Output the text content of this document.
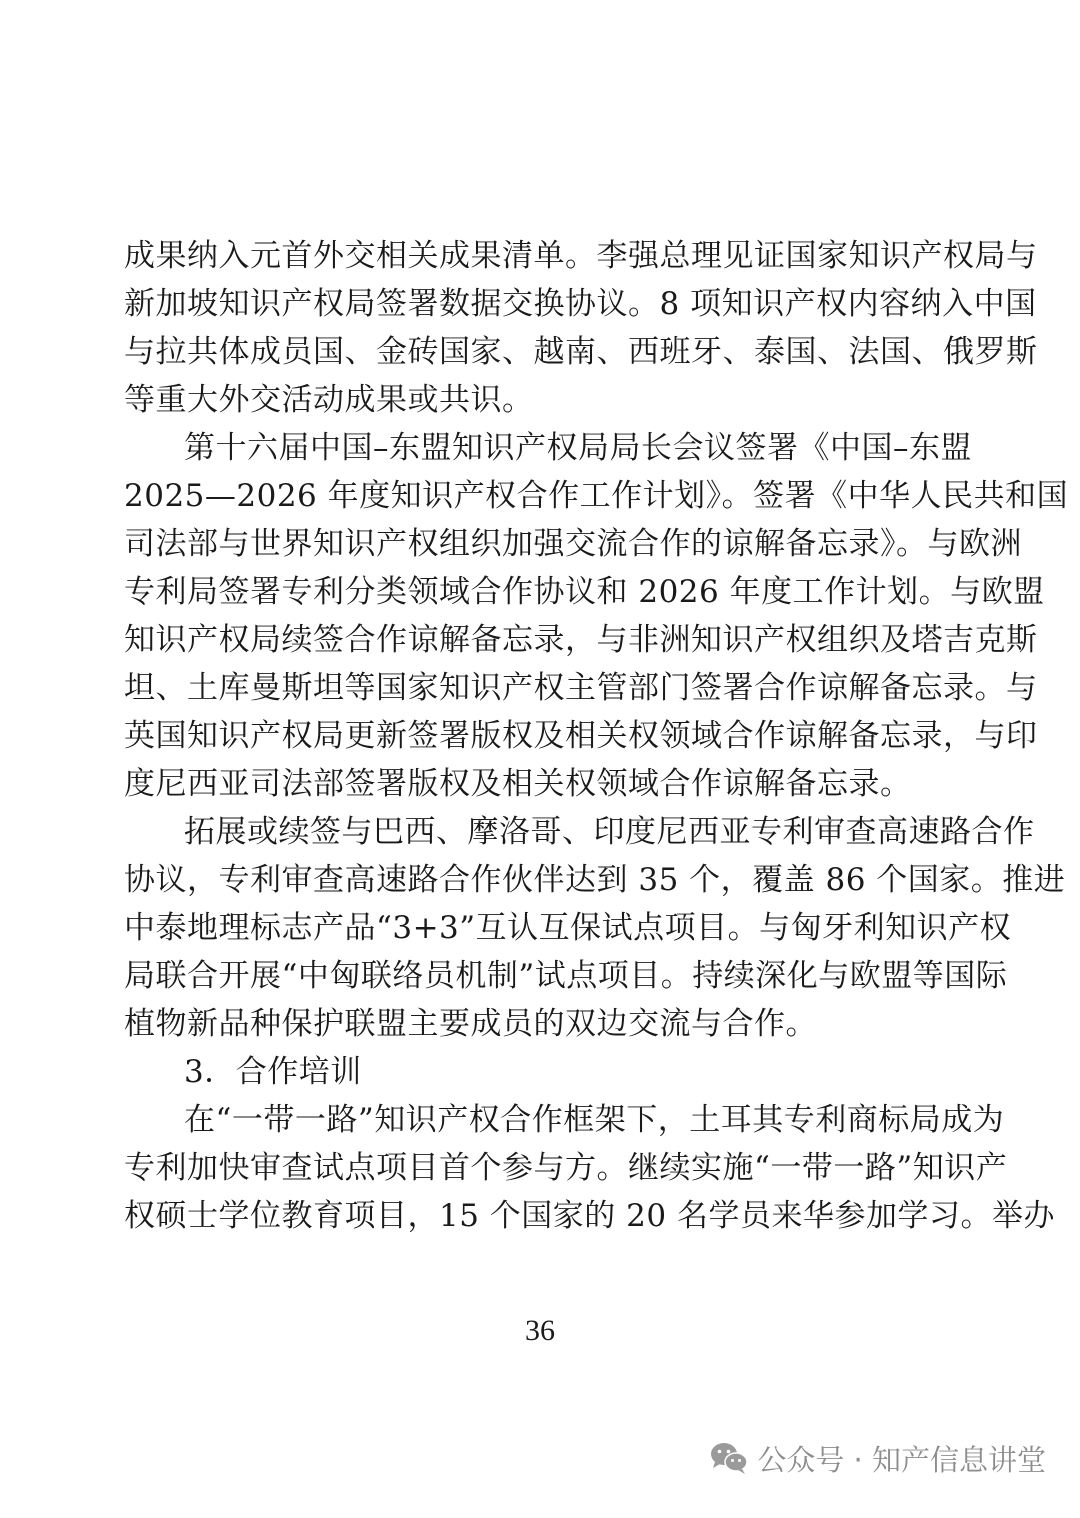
成果纳入元首外交相关成果清单。李强总理见证国家知识产权局与
新加坡知识产权局签署数据交换协议。8 项知识产权内容纳入中国
与拉共体成员国、金砖国家、越南、西班牙、泰国、法国、俄罗斯
等重大外交活动成果或共识。
第十六届中国–东盟知识产权局局长会议签署《中国–东盟
2025—2026 年度知识产权合作工作计划》。签署《中华人民共和国
司法部与世界知识产权组织加强交流合作的谅解备忘录》。与欧洲
专利局签署专利分类领域合作协议和 2026 年度工作计划。与欧盟
知识产权局续签合作谅解备忘录，与非洲知识产权组织及塔吉克斯
坦、土库曼斯坦等国家知识产权主管部门签署合作谅解备忘录。与
英国知识产权局更新签署版权及相关权领域合作谅解备忘录，与印
度尼西亚司法部签署版权及相关权领域合作谅解备忘录。
拓展或续签与巴西、摩洛哥、印度尼西亚专利审查高速路合作
协议，专利审查高速路合作伙伴达到 35 个，覆盖 86 个国家。推进
中泰地理标志产品“3+3”互认互保试点项目。与匈牙利知识产权
局联合开展“中匈联络员机制”试点项目。持续深化与欧盟等国际
植物新品种保护联盟主要成员的双边交流与合作。
3．合作培训
在“一带一路”知识产权合作框架下，土耳其专利商标局成为
专利加快审查试点项目首个参与方。继续实施“一带一路”知识产
权硕士学位教育项目，15 个国家的 20 名学员来华参加学习。举办
36
公众号 · 知产信息讲堂
